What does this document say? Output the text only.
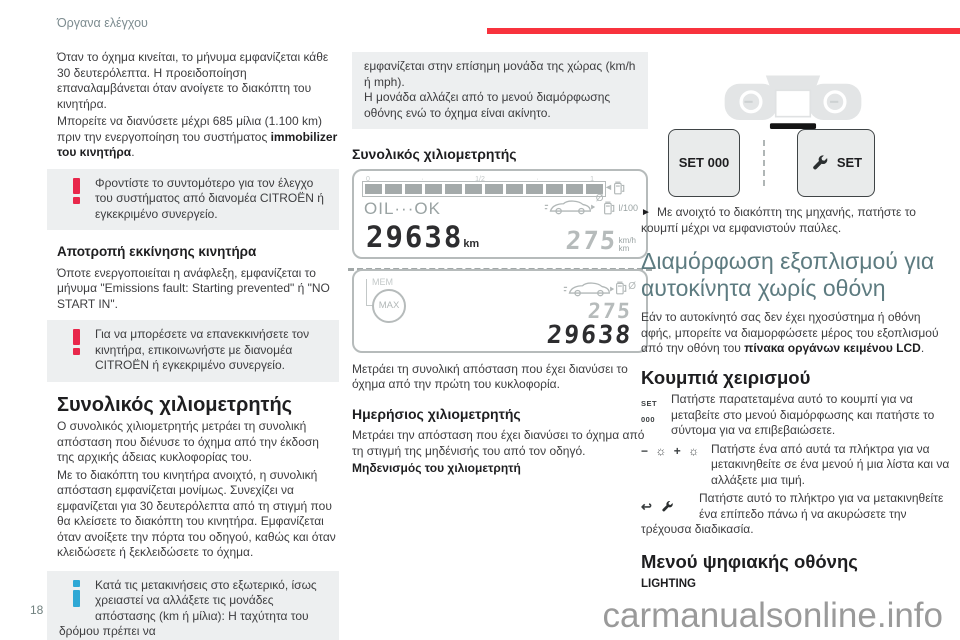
Όργανα ελέγχου

Όταν το όχημα κινείται, το μήνυμα εμφανίζεται κάθε 30 δευτερόλεπτα. Η προειδοποίηση επαναλαμβάνεται όταν ανοίγετε το διακόπτη του κινητήρα.

Μπορείτε να διανύσετε μέχρι 685 μίλια (1.100 km) πριν την ενεργοποίηση του συστήματος immobilizer του κινητήρα.

Φροντίστε το συντομότερο για τον έλεγχο του συστήματος από διανομέα CITROËN ή εγκεκριμένο συνεργείο.
Αποτροπή εκκίνησης κινητήρα

Όποτε ενεργοποιείται η ανάφλεξη, εμφανίζεται το μήνυμα "Emissions fault: Starting prevented" ή "NO START IN".

Για να μπορέσετε να επανεκκινήσετε τον κινητήρα, επικοινωνήστε με διανομέα CITROËN ή εγκεκριμένο συνεργείο.
Συνολικός χιλιομετρητής

Ο συνολικός χιλιομετρητής μετράει τη συνολική απόσταση που διένυσε το όχημα από την έκδοση της αρχικής άδειας κυκλοφορίας του.

Με το διακόπτη του κινητήρα ανοιχτό, η συνολική απόσταση εμφανίζεται μονίμως. Συνεχίζει να εμφανίζεται για 30 δευτερόλεπτα από τη στιγμή που θα κλείσετε το διακόπτη του κινητήρα. Εμφανίζεται όταν ανοίξετε την πόρτα του οδηγού, καθώς και όταν κλειδώσετε ή ξεκλειδώσετε το όχημα.

Κατά τις μετακινήσεις στο εξωτερικό, ίσως χρειαστεί να αλλάξετε τις μονάδες απόστασης (km ή μίλια): Η ταχύτητα του δρόμου πρέπει να
εμφανίζεται στην επίσημη μονάδα της χώρας (km/h ή mph).
Η μονάδα αλλάζει από το μενού διαμόρφωσης οθόνης ενώ το όχημα είναι ακίνητο.
Συνολικός χιλιομετρητής
0	·	1/2	·	1
◄
OIL···OK	Ø
l/100
29638km	275 km/h
km
MEM
MAX
Ø
275
29638

Μετράει τη συνολική απόσταση που έχει διανύσει το όχημα από την πρώτη του κυκλοφορία.

Ημερήσιος χιλιομετρητής

Μετράει την απόσταση που έχει διανύσει το όχημα από τη στιγμή της μηδένισής του από τον οδηγό.

Μηδενισμός του χιλιομετρητή

SET 000	SET

► Με ανοιχτό το διακόπτη της μηχανής, πατήστε το κουμπί μέχρι να εμφανιστούν παύλες.

Διαμόρφωση εξοπλισμού για αυτοκίνητα χωρίς οθόνη

Εάν το αυτοκίνητό σας δεν έχει ηχοσύστημα ή οθόνη αφής, μπορείτε να διαμορφώσετε μέρος του εξοπλισμού από την οθόνη του πίνακα οργάνων κειμένου LCD.

Κουμπιά χειρισμού
SET 000
Πατήστε παρατεταμένα αυτό το κουμπί για να μεταβείτε στο μενού διαμόρφωσης και πατήστε το σύντομα για να επιβεβαιώσετε.
− ☼ + ☼ Πατήστε ένα από αυτά τα πλήκτρα για να μετακινηθείτε σε ένα μενού ή μια λίστα και να αλλάξετε μια τιμή.
↩
Πατήστε αυτό το πλήκτρο για να μετακινηθείτε ένα επίπεδο πάνω ή να ακυρώσετε την τρέχουσα διαδικασία.
Μενού ψηφιακής οθόνης
LIGHTING
18	carmanualsonline.info
